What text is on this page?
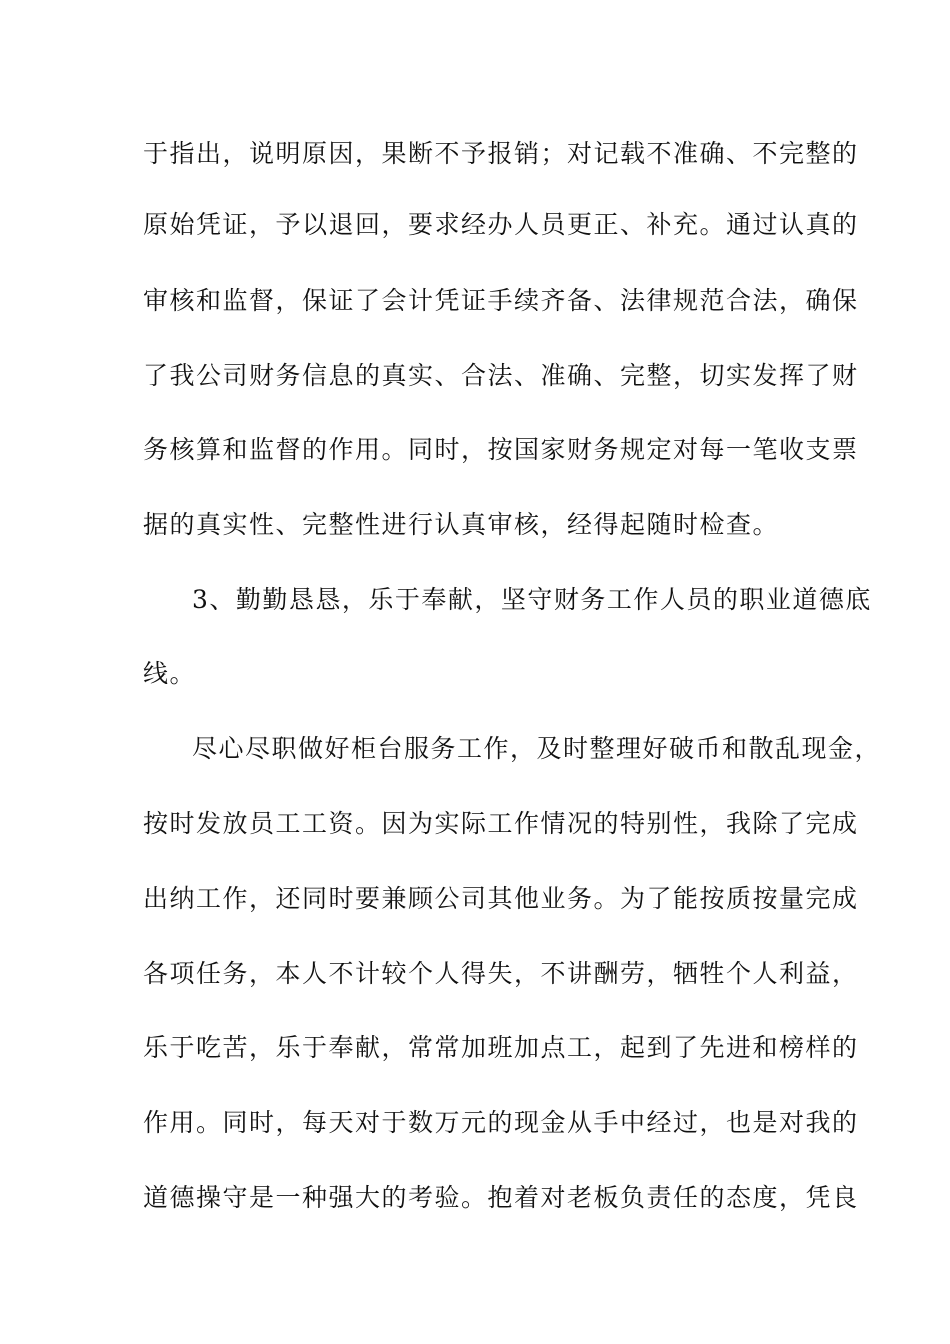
于指出，说明原因，果断不予报销；对记载不准确、不完整的
原始凭证，予以退回，要求经办人员更正、补充。通过认真的
审核和监督，保证了会计凭证手续齐备、法律规范合法，确保
了我公司财务信息的真实、合法、准确、完整，切实发挥了财
务核算和监督的作用。同时，按国家财务规定对每一笔收支票
据的真实性、完整性进行认真审核，经得起随时检查。
3、勤勤恳恳，乐于奉献，坚守财务工作人员的职业道德底
线。
尽心尽职做好柜台服务工作，及时整理好破币和散乱现金，
按时发放员工工资。因为实际工作情况的特别性，我除了完成
出纳工作，还同时要兼顾公司其他业务。为了能按质按量完成
各项任务，本人不计较个人得失，不讲酬劳，牺牲个人利益，
乐于吃苦，乐于奉献，常常加班加点工，起到了先进和榜样的
作用。同时，每天对于数万元的现金从手中经过，也是对我的
道德操守是一种强大的考验。抱着对老板负责任的态度，凭良
